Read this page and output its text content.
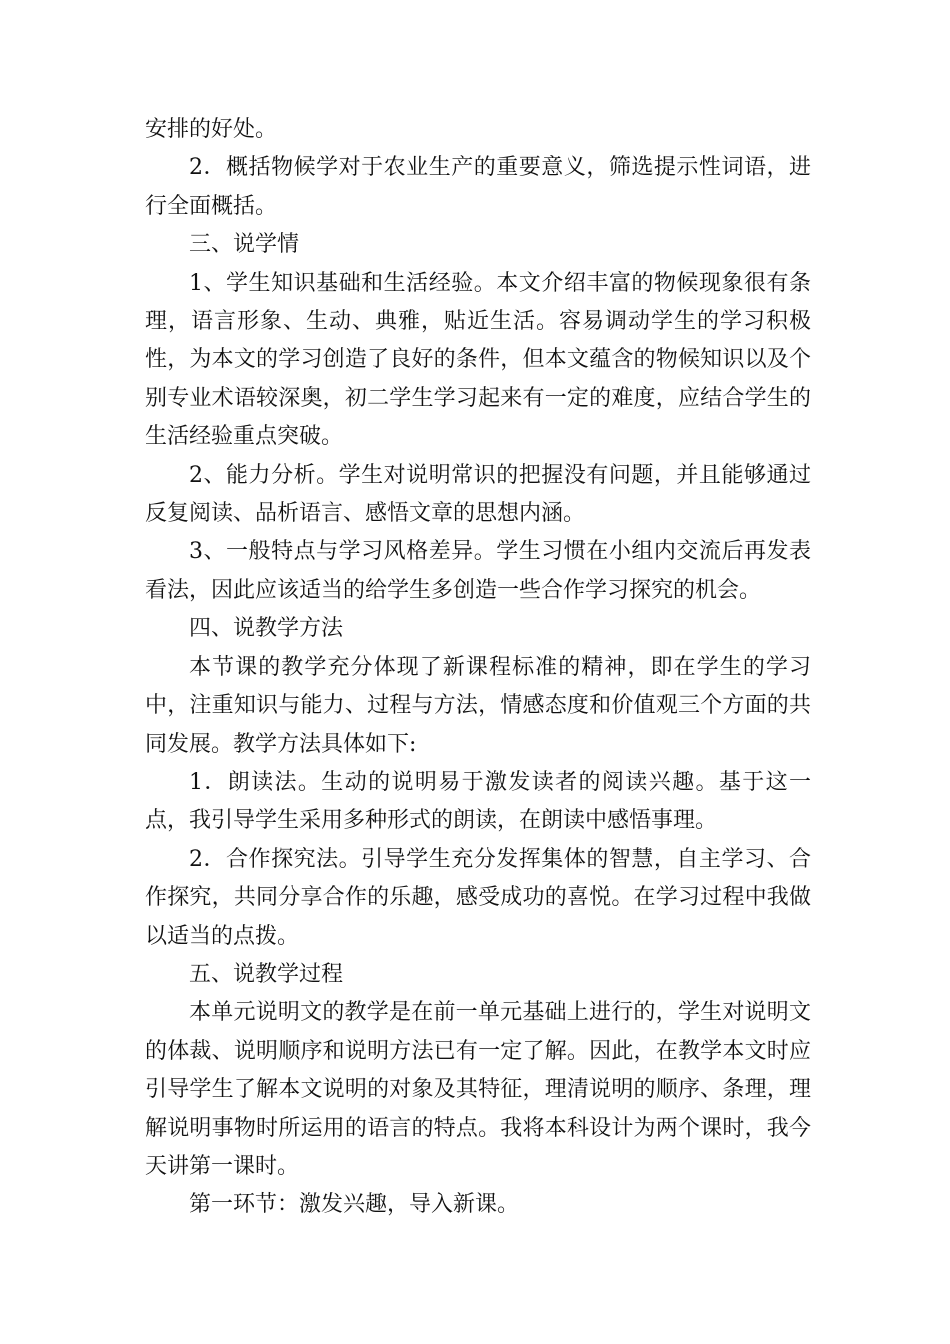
安排的好处。

2．概括物候学对于农业生产的重要意义，筛选提示性词语，进行全面概括。

三、说学情

1、学生知识基础和生活经验。本文介绍丰富的物候现象很有条理，语言形象、生动、典雅，贴近生活。容易调动学生的学习积极性，为本文的学习创造了良好的条件，但本文蕴含的物候知识以及个别专业术语较深奥，初二学生学习起来有一定的难度，应结合学生的生活经验重点突破。

2、能力分析。学生对说明常识的把握没有问题，并且能够通过反复阅读、品析语言、感悟文章的思想内涵。

3、一般特点与学习风格差异。学生习惯在小组内交流后再发表看法，因此应该适当的给学生多创造一些合作学习探究的机会。

四、说教学方法

本节课的教学充分体现了新课程标准的精神，即在学生的学习中，注重知识与能力、过程与方法，情感态度和价值观三个方面的共同发展。教学方法具体如下:

1．朗读法。生动的说明易于激发读者的阅读兴趣。基于这一点，我引导学生采用多种形式的朗读，在朗读中感悟事理。

2．合作探究法。引导学生充分发挥集体的智慧，自主学习、合作探究，共同分享合作的乐趣，感受成功的喜悦。在学习过程中我做以适当的点拨。

五、说教学过程

本单元说明文的教学是在前一单元基础上进行的，学生对说明文的体裁、说明顺序和说明方法已有一定了解。因此，在教学本文时应引导学生了解本文说明的对象及其特征，理清说明的顺序、条理，理解说明事物时所运用的语言的特点。我将本科设计为两个课时，我今天讲第一课时。

第一环节：激发兴趣，导入新课。
